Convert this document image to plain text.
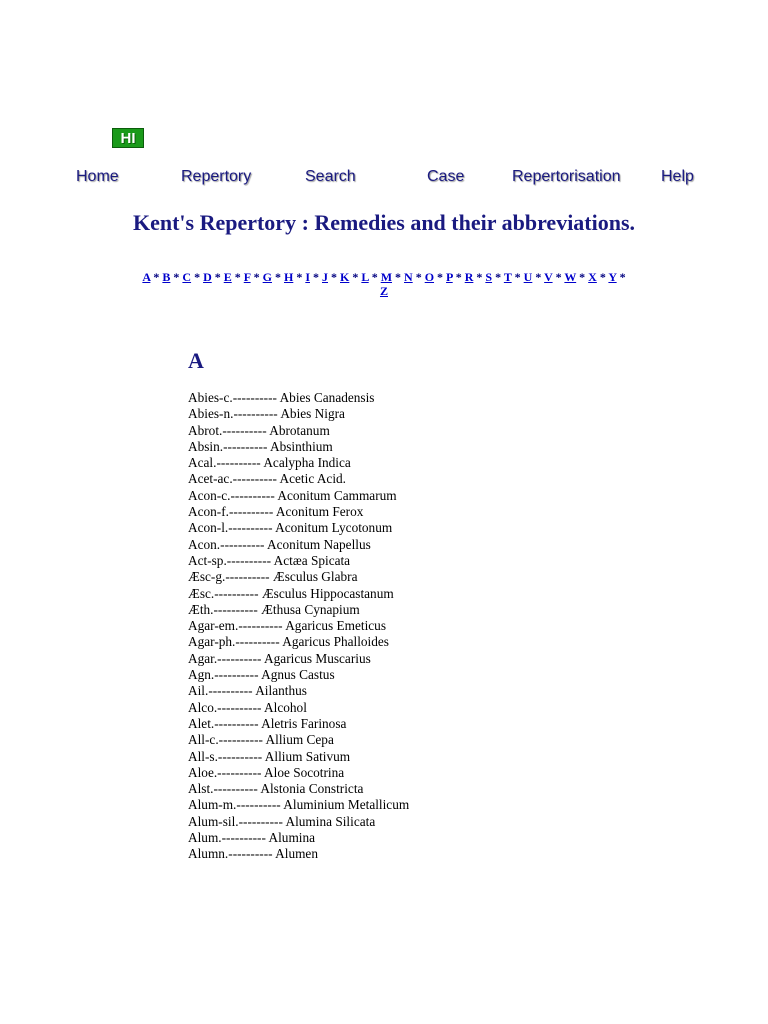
HI
Home	Repertory	Search	Case	Repertorisation	Help
Kent's Repertory : Remedies and their abbreviations.
A * B * C * D * E * F * G * H * I * J * K * L * M * N * O * P * R * S * T * U * V * W * X * Y * Z
A
Abies-c.---------- Abies Canadensis
Abies-n.---------- Abies Nigra
Abrot.---------- Abrotanum
Absin.---------- Absinthium
Acal.---------- Acalypha Indica
Acet-ac.---------- Acetic Acid.
Acon-c.---------- Aconitum Cammarum
Acon-f.---------- Aconitum Ferox
Acon-l.---------- Aconitum Lycotonum
Acon.---------- Aconitum Napellus
Act-sp.---------- Actæa Spicata
Æsc-g.---------- Æsculus Glabra
Æsc.---------- Æsculus Hippocastanum
Æth.---------- Æthusa Cynapium
Agar-em.---------- Agaricus Emeticus
Agar-ph.---------- Agaricus Phalloides
Agar.---------- Agaricus Muscarius
Agn.---------- Agnus Castus
Ail.---------- Ailanthus
Alco.---------- Alcohol
Alet.---------- Aletris Farinosa
All-c.---------- Allium Cepa
All-s.---------- Allium Sativum
Aloe.---------- Aloe Socotrina
Alst.---------- Alstonia Constricta
Alum-m.---------- Aluminium Metallicum
Alum-sil.---------- Alumina Silicata
Alum.---------- Alumina
Alumn.---------- Alumen
